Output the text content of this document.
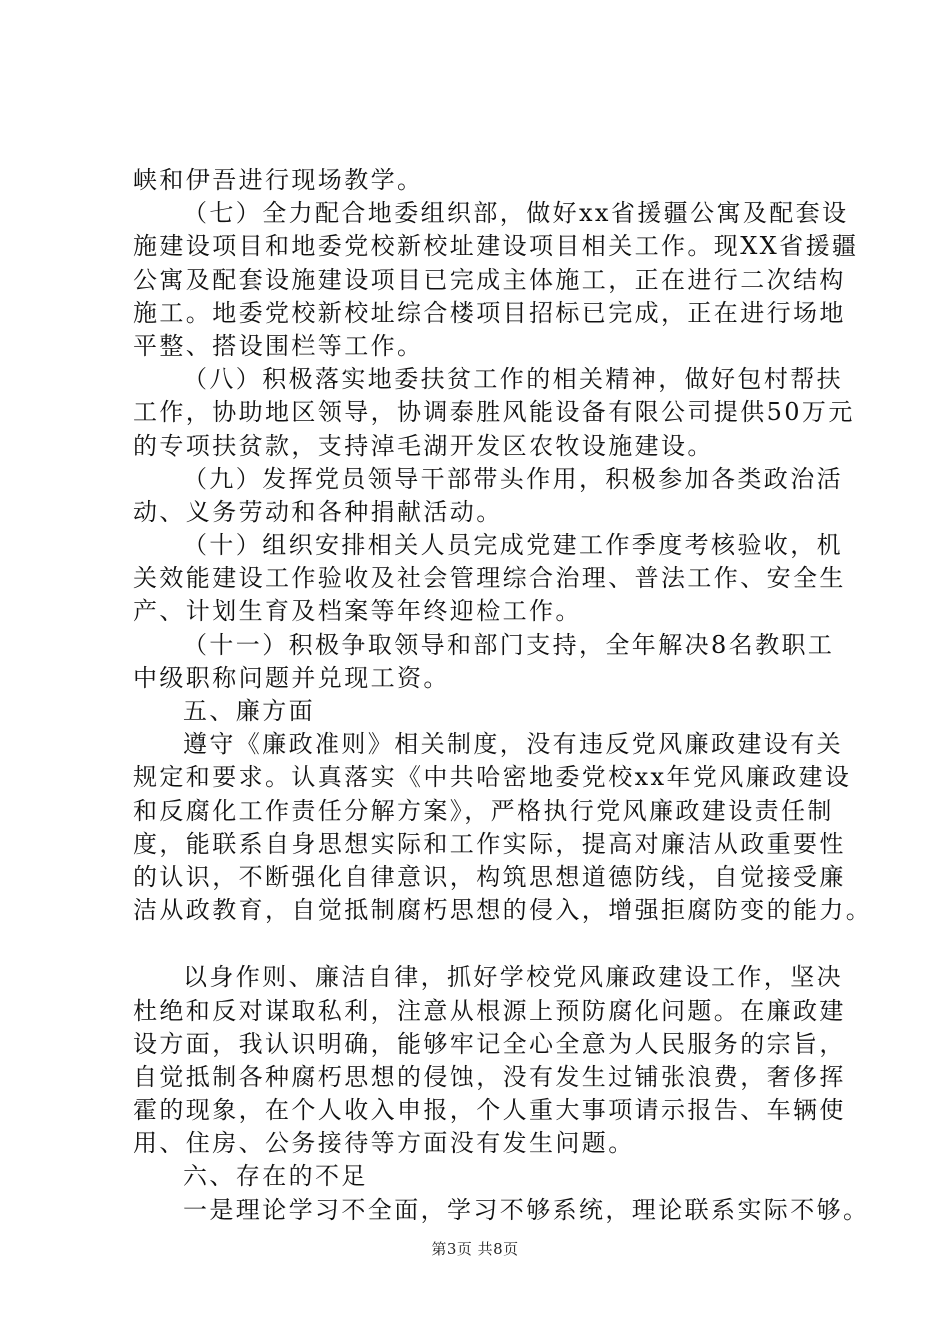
峡和伊吾进行现场教学。
（七）全力配合地委组织部，做好xx省援疆公寓及配套设
施建设项目和地委党校新校址建设项目相关工作。现XX省援疆
公寓及配套设施建设项目已完成主体施工，正在进行二次结构
施工。地委党校新校址综合楼项目招标已完成，正在进行场地
平整、搭设围栏等工作。
（八）积极落实地委扶贫工作的相关精神，做好包村帮扶
工作，协助地区领导，协调泰胜风能设备有限公司提供50万元
的专项扶贫款，支持淖毛湖开发区农牧设施建设。
（九）发挥党员领导干部带头作用，积极参加各类政治活
动、义务劳动和各种捐献活动。
（十）组织安排相关人员完成党建工作季度考核验收，机
关效能建设工作验收及社会管理综合治理、普法工作、安全生
产、计划生育及档案等年终迎检工作。
（十一）积极争取领导和部门支持，全年解决8名教职工
中级职称问题并兑现工资。
五、廉方面
遵守《廉政准则》相关制度，没有违反党风廉政建设有关
规定和要求。认真落实《中共哈密地委党校xx年党风廉政建设
和反腐化工作责任分解方案》，严格执行党风廉政建设责任制
度，能联系自身思想实际和工作实际，提高对廉洁从政重要性
的认识，不断强化自律意识，构筑思想道德防线，自觉接受廉
洁从政教育，自觉抵制腐朽思想的侵入，增强拒腐防变的能力。
以身作则、廉洁自律，抓好学校党风廉政建设工作，坚决
杜绝和反对谋取私利，注意从根源上预防腐化问题。在廉政建
设方面，我认识明确，能够牢记全心全意为人民服务的宗旨，
自觉抵制各种腐朽思想的侵蚀，没有发生过铺张浪费，奢侈挥
霍的现象，在个人收入申报，个人重大事项请示报告、车辆使
用、住房、公务接待等方面没有发生问题。
六、存在的不足
一是理论学习不全面，学习不够系统，理论联系实际不够。
第3页 共8页
